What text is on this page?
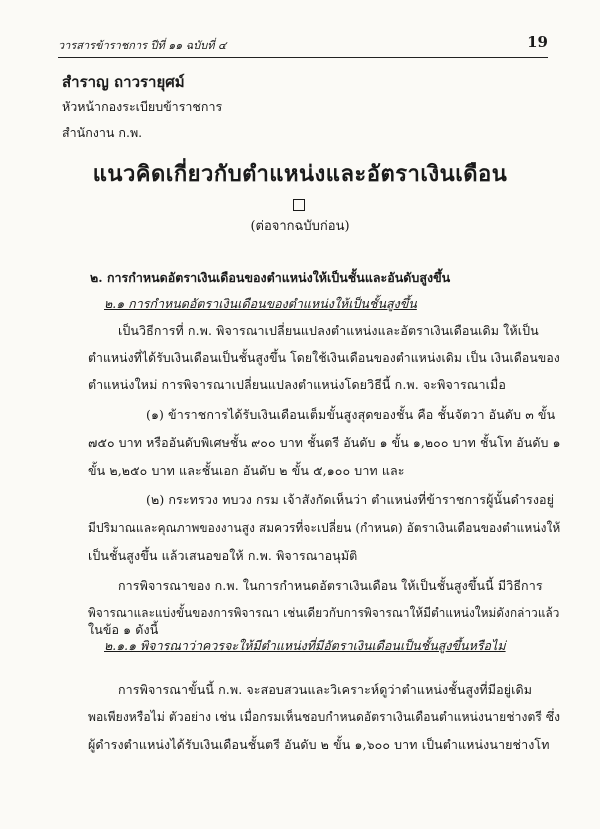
วารสารข้าราชการ ปีที่ ๑๑ ฉบับที่ ๔	19
สำราญ ถาวรายุศม์
หัวหน้ากองระเบียบข้าราชการ
สำนักงาน ก.พ.
แนวคิดเกี่ยวกับตำแหน่งและอัตราเงินเดือน
(ต่อจากฉบับก่อน)
๒. การกำหนดอัตราเงินเดือนของตำแหน่งให้เป็นชั้นและอันดับสูงขึ้น
๒.๑ การกำหนดอัตราเงินเดือนของตำแหน่งให้เป็นชั้นสูงขึ้น
เป็นวิธีการที่ ก.พ. พิจารณาเปลี่ยนแปลงตำแหน่งและอัตราเงินเดือนเดิม ให้เป็น
ตำแหน่งที่ได้รับเงินเดือนเป็นชั้นสูงขึ้น โดยใช้เงินเดือนของตำแหน่งเดิม เป็น เงินเดือนของ
ตำแหน่งใหม่ การพิจารณาเปลี่ยนแปลงตำแหน่งโดยวิธีนี้ ก.พ. จะพิจารณาเมื่อ
(๑) ข้าราชการได้รับเงินเดือนเต็มขั้นสูงสุดของชั้น คือ ชั้นจัตวา อันดับ ๓ ขั้น
๗๕๐ บาท หรืออันดับพิเศษชั้น ๙๐๐ บาท ชั้นตรี อันดับ ๑ ขั้น ๑,๒๐๐ บาท ชั้นโท อันดับ ๑
ขั้น ๒,๒๕๐ บาท และชั้นเอก อันดับ ๒ ขั้น ๕,๑๐๐ บาท และ
(๒) กระทรวง ทบวง กรม เจ้าสังกัดเห็นว่า ตำแหน่งที่ข้าราชการผู้นั้นดำรงอยู่
มีปริมาณและคุณภาพของงานสูง สมควรที่จะเปลี่ยน (กำหนด) อัตราเงินเดือนของตำแหน่งให้
เป็นชั้นสูงขึ้น แล้วเสนอขอให้ ก.พ. พิจารณาอนุมัติ
การพิจารณาของ ก.พ. ในการกำหนดอัตราเงินเดือน ให้เป็นชั้นสูงขึ้นนี้ มีวิธีการ
พิจารณาและแบ่งขั้นของการพิจารณา เช่นเดียวกับการพิจารณาให้มีตำแหน่งใหม่ดังกล่าวแล้ว
ในข้อ ๑ ดังนี้
๒.๑.๑ พิจารณาว่าควรจะให้มีตำแหน่งที่มีอัตราเงินเดือนเป็นชั้นสูงขึ้นหรือไม่
การพิจารณาขั้นนี้ ก.พ. จะสอบสวนและวิเคราะห์ดูว่าตำแหน่งชั้นสูงที่มีอยู่เดิม
พอเพียงหรือไม่ ตัวอย่าง เช่น เมื่อกรมเห็นชอบกำหนดอัตราเงินเดือนตำแหน่งนายช่างตรี ซึ่ง
ผู้ดำรงตำแหน่งได้รับเงินเดือนชั้นตรี อันดับ ๒ ขั้น ๑,๖๐๐ บาท เป็นตำแหน่งนายช่างโท
